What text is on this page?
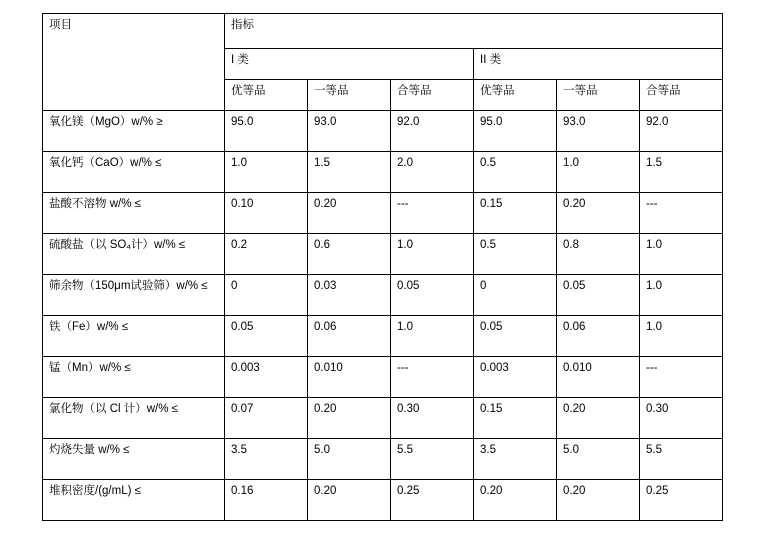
项目	指标					
	I 类			II 类		
	优等品	一等品	合等品	优等品	一等品	合等品
氧化镁（MgO）w/% ≥	95.0	93.0	92.0	95.0	93.0	92.0
氧化钙（CaO）w/% ≤	1.0	1.5	2.0	0.5	1.0	1.5
盐酸不溶物 w/% ≤	0.10	0.20	---	0.15	0.20	---
硫酸盐（以 SO₄计）w/% ≤	0.2	0.6	1.0	0.5	0.8	1.0
筛余物（150μm试验筛）w/% ≤	0	0.03	0.05	0	0.05	1.0
铁（Fe）w/% ≤	0.05	0.06	1.0	0.05	0.06	1.0
锰（Mn）w/% ≤	0.003	0.010	---	0.003	0.010	---
氯化物（以 Cl 计）w/% ≤	0.07	0.20	0.30	0.15	0.20	0.30
灼烧失量 w/% ≤	3.5	5.0	5.5	3.5	5.0	5.5
堆积密度/(g/mL) ≤	0.16	0.20	0.25	0.20	0.20	0.25
